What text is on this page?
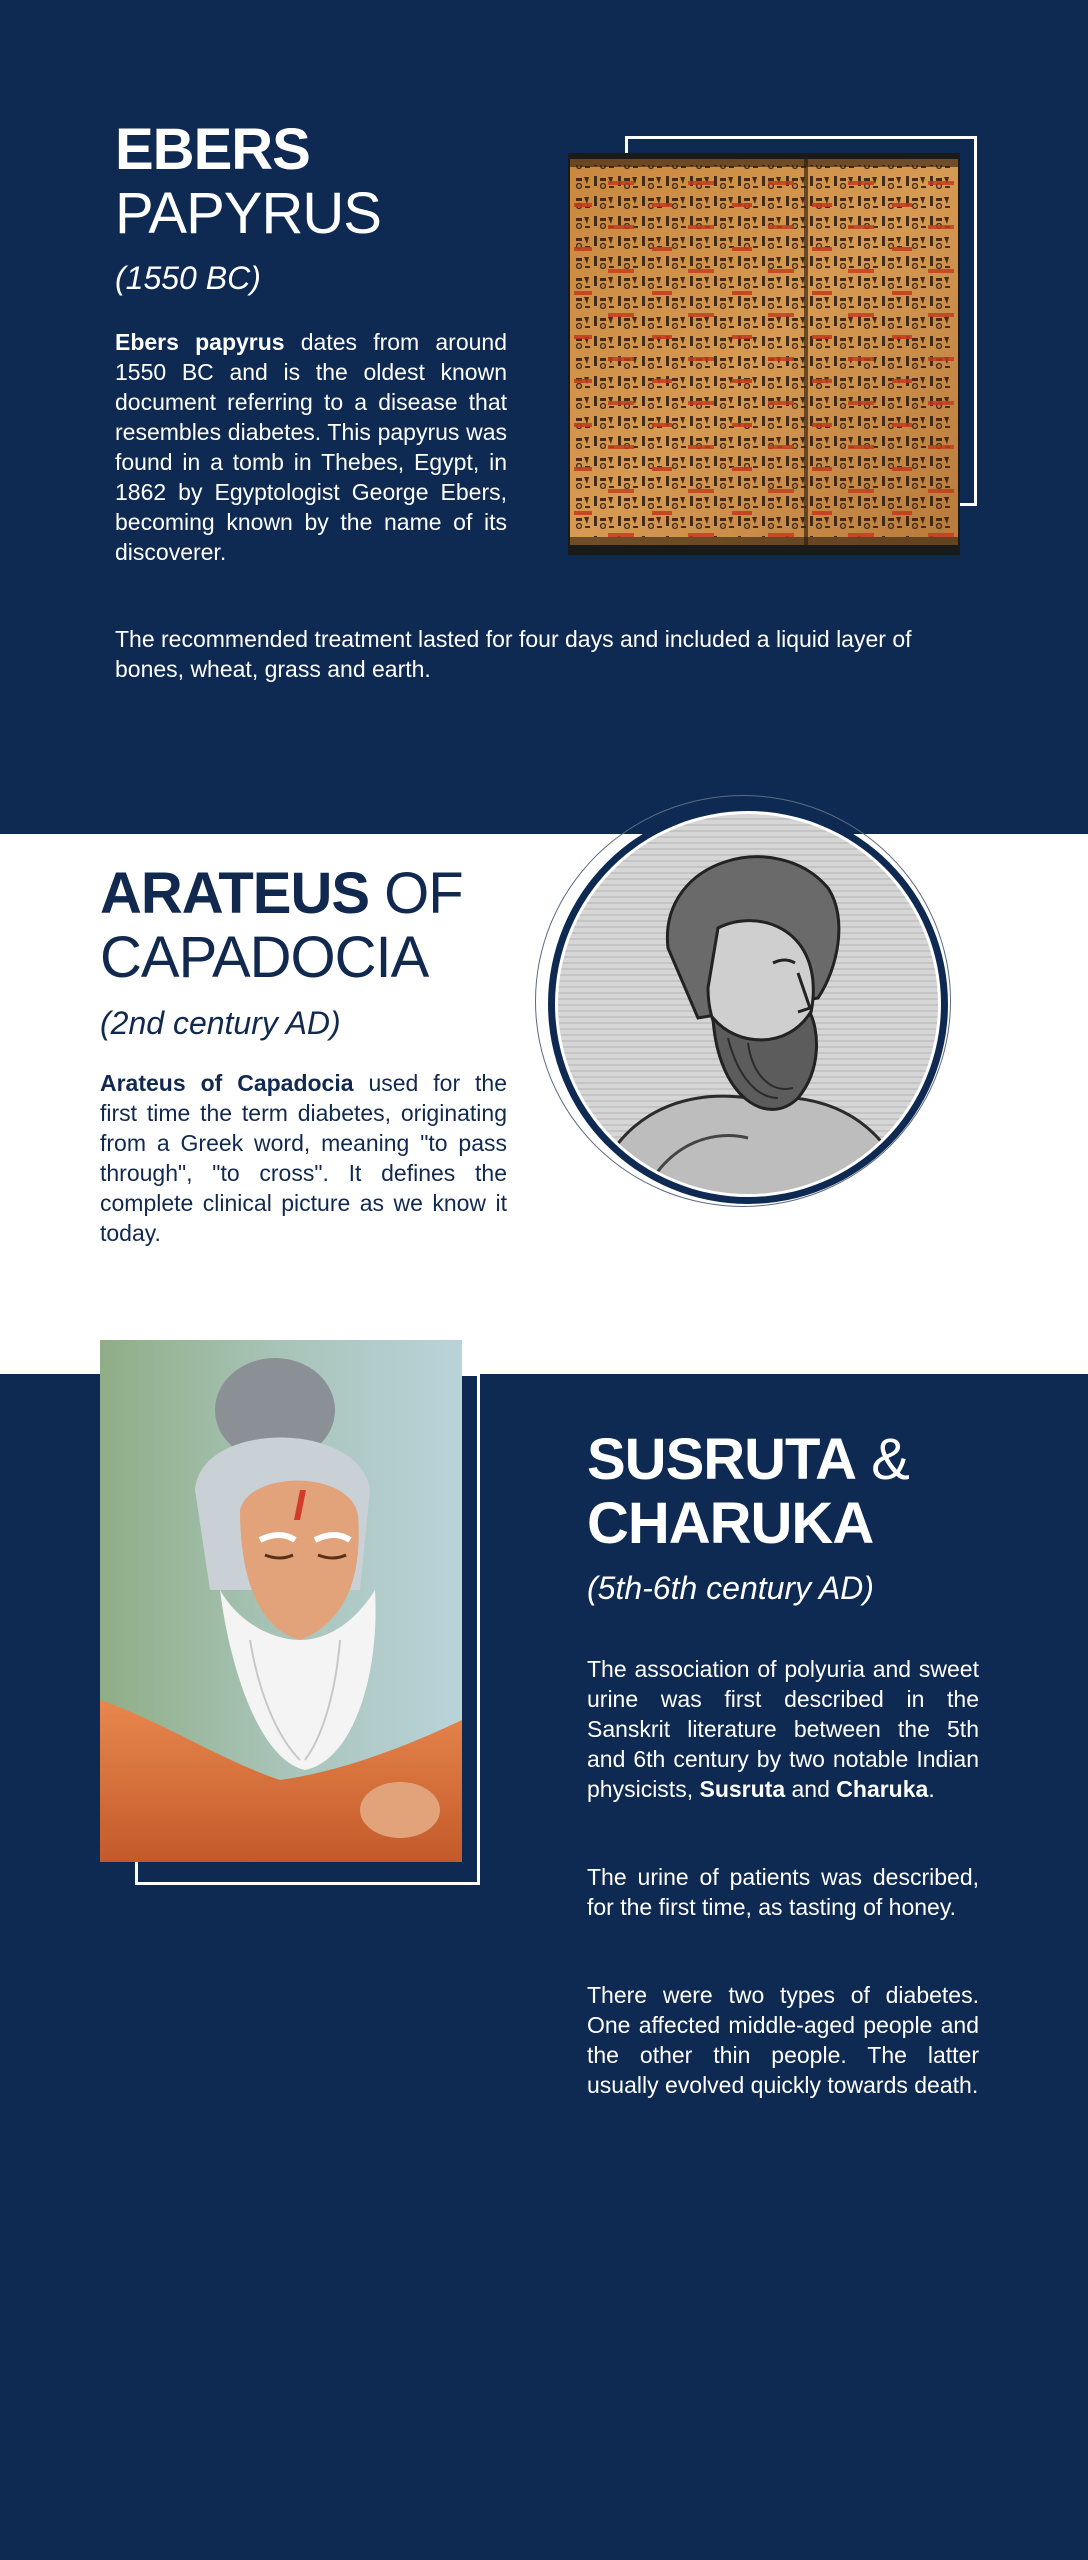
EBERS
PAPYRUS

(1550 BC)

Ebers papyrus dates from around 1550 BC and is the oldest known document referring to a disease that resembles diabetes. This papyrus was found in a tomb in Thebes, Egypt, in 1862 by Egyptologist George Ebers, becoming known by the name of its discoverer.

The recommended treatment lasted for four days and included a liquid layer of bones, wheat, grass and earth.

ARATEUS OF
CAPADOCIA

(2nd century AD)

Arateus of Capadocia used for the first time the term diabetes, originating from a Greek word, meaning "to pass through", "to cross". It defines the complete clinical picture as we know it today.

SUSRUTA &
CHARUKA

(5th-6th century AD)

The association of polyuria and sweet urine was first described in the Sanskrit literature between the 5th and 6th century by two notable Indian physicists, Susruta and Charuka.

The urine of patients was described, for the first time, as tasting of honey.

There were two types of diabetes. One affected middle-aged people and the other thin people. The latter usually evolved quickly towards death.
